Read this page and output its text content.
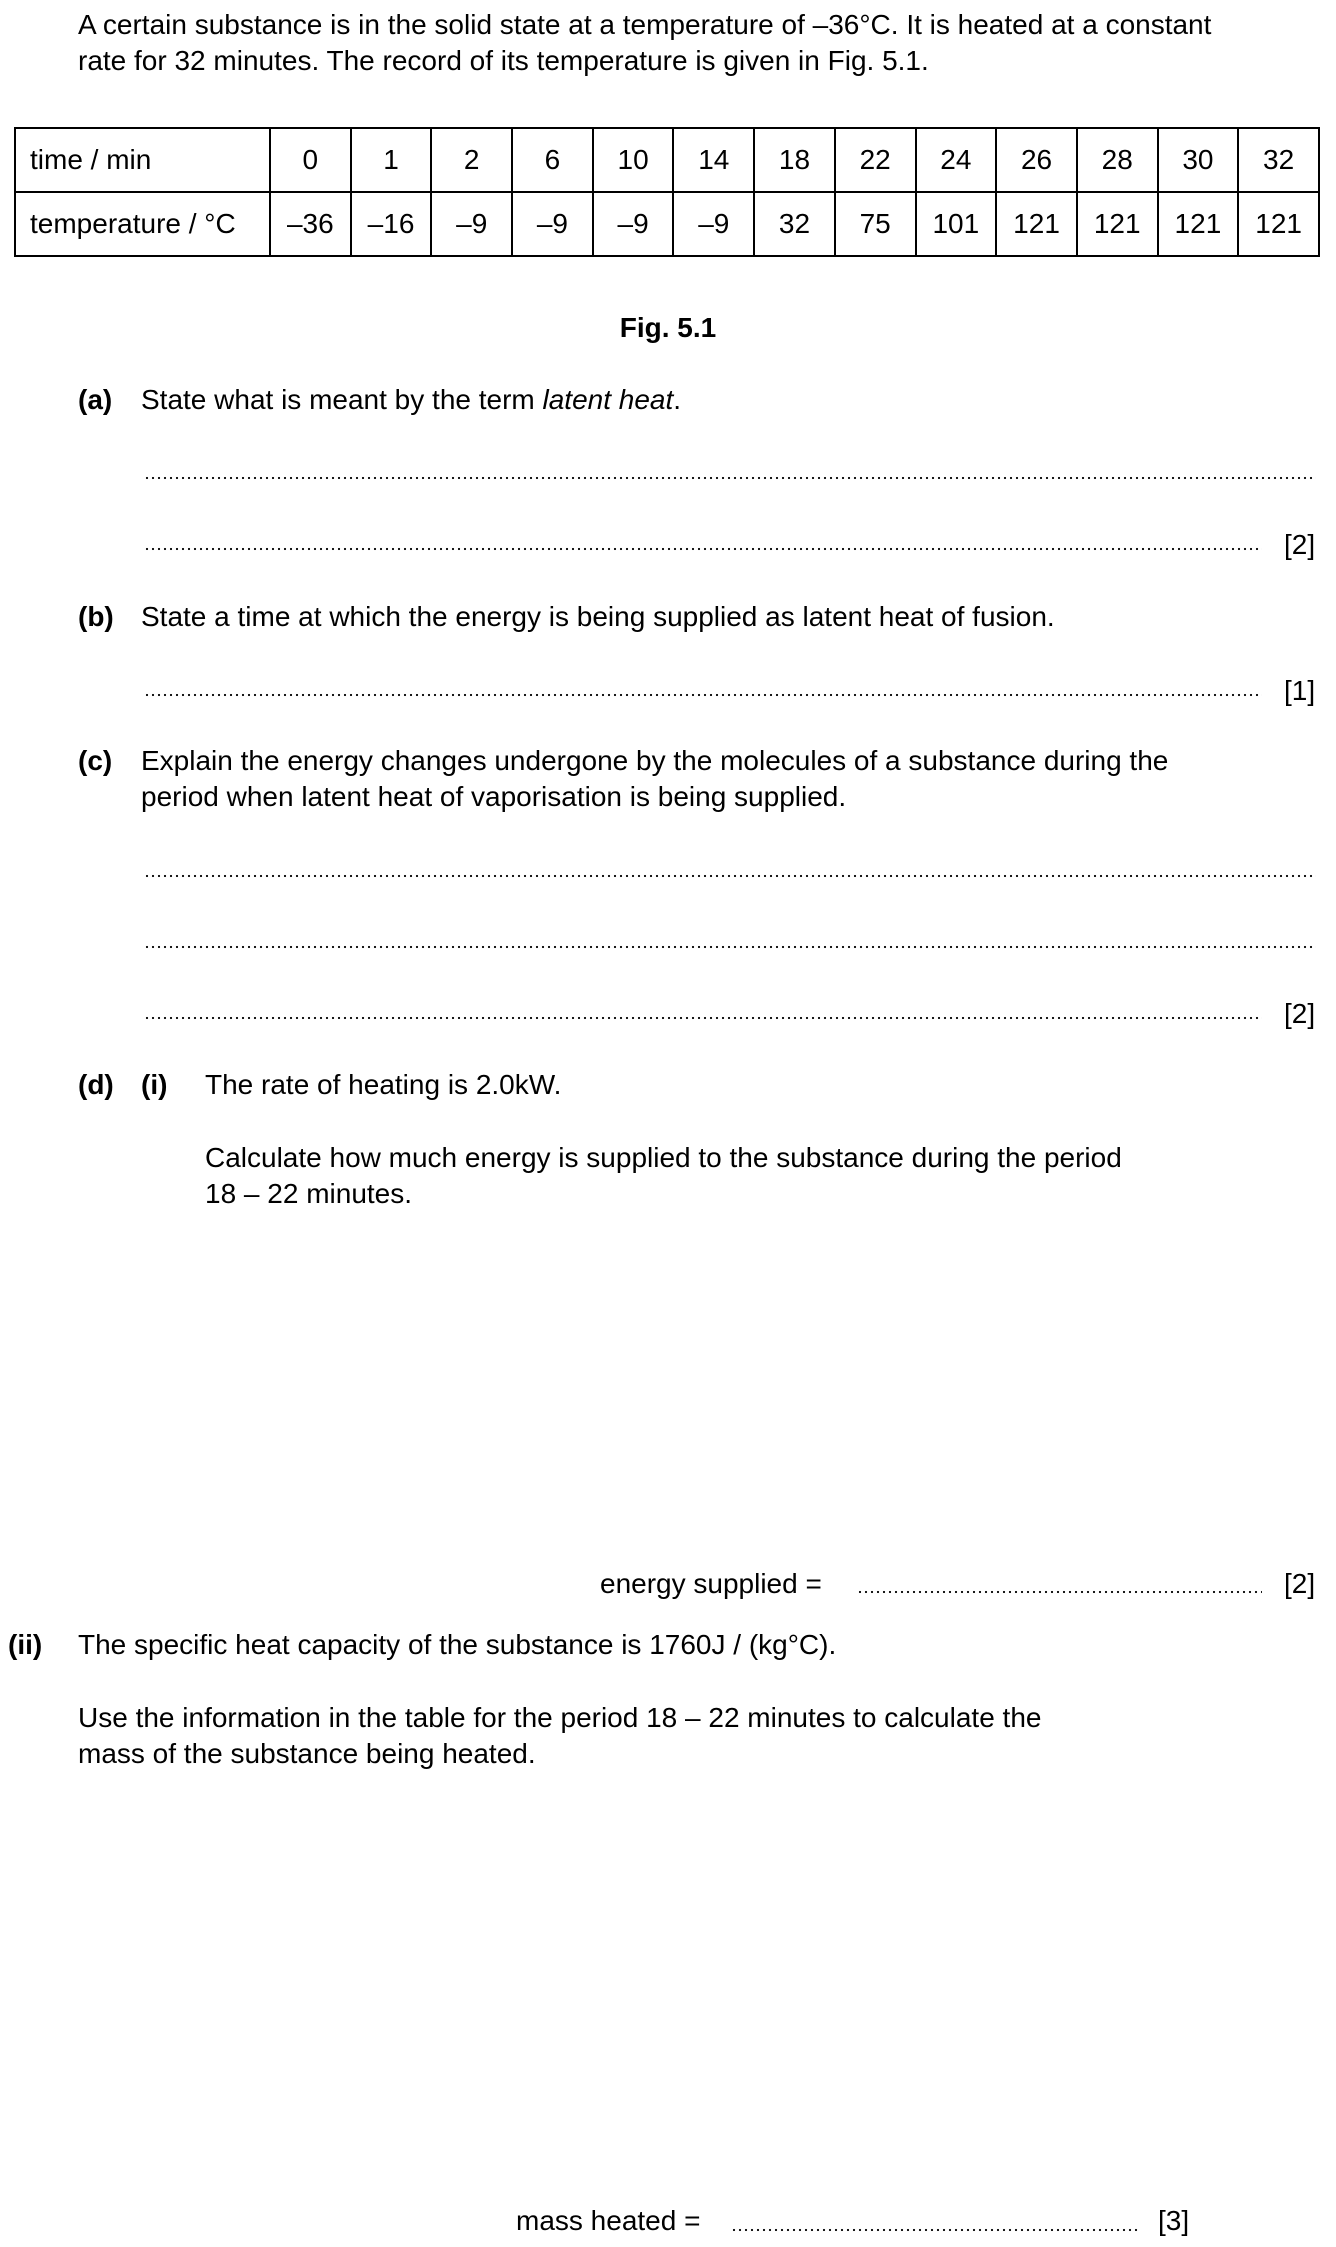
A certain substance is in the solid state at a temperature of –36°C. It is heated at a constant
rate for 32 minutes. The record of its temperature is given in Fig. 5.1.
time / min	0	1	2	6	10	14	18	22	24	26	28	30	32
temperature / °C	–36	–16	–9	–9	–9	–9	32	75	101	121	121	121	121
Fig. 5.1
(a) State what is meant by the term latent heat.
[2]
(b) State a time at which the energy is being supplied as latent heat of fusion.
[1]
(c) Explain the energy changes undergone by the molecules of a substance during the
period when latent heat of vaporisation is being supplied.
[2]
(d) (i) The rate of heating is 2.0kW.
Calculate how much energy is supplied to the substance during the period
18 – 22 minutes.
energy supplied =	[2]
(ii) The specific heat capacity of the substance is 1760J / (kg°C).
Use the information in the table for the period 18 – 22 minutes to calculate the
mass of the substance being heated.
mass heated =	[3]
